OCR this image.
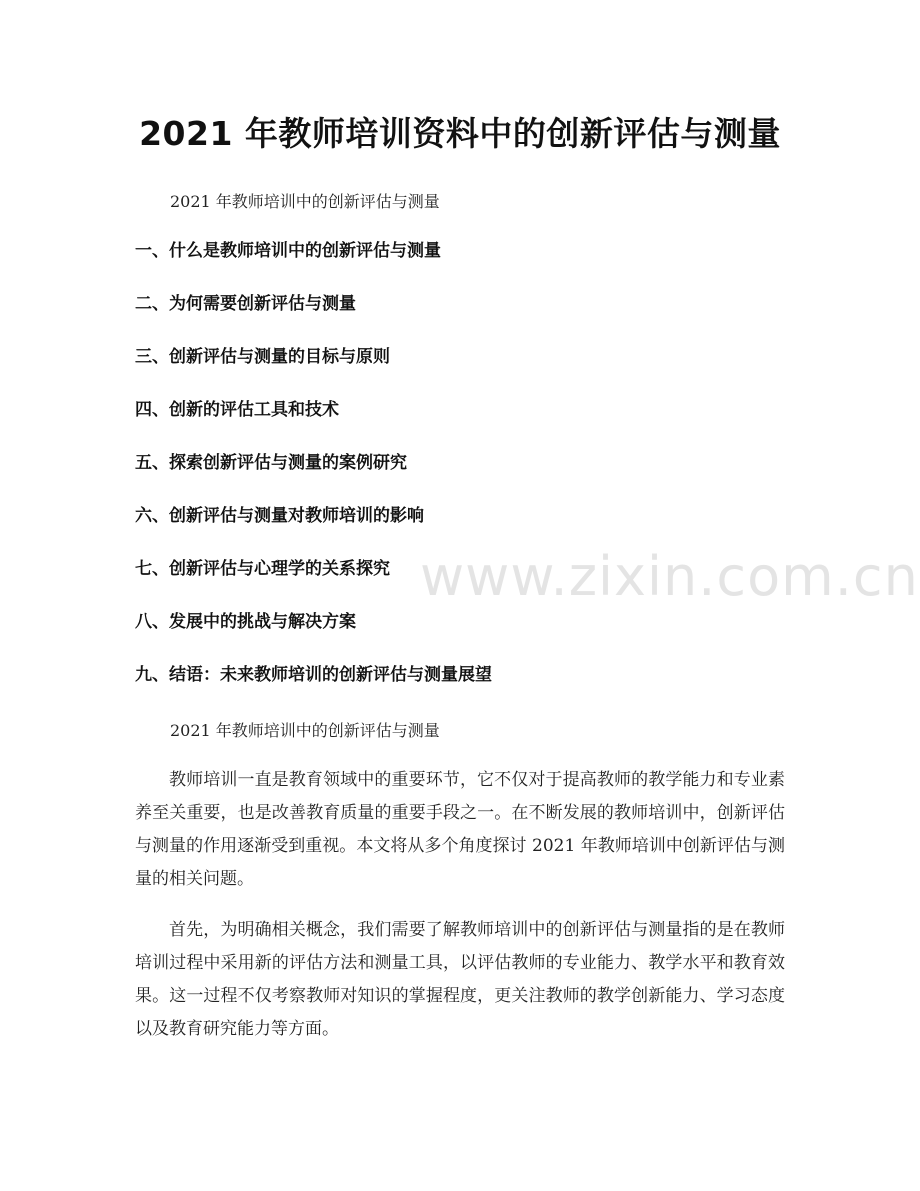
2021 年教师培训资料中的创新评估与测量

2021 年教师培训中的创新评估与测量

一、什么是教师培训中的创新评估与测量
二、为何需要创新评估与测量
三、创新评估与测量的目标与原则
四、创新的评估工具和技术
五、探索创新评估与测量的案例研究
六、创新评估与测量对教师培训的影响
七、创新评估与心理学的关系探究
八、发展中的挑战与解决方案
九、结语：未来教师培训的创新评估与测量展望

2021 年教师培训中的创新评估与测量

教师培训一直是教育领域中的重要环节，它不仅对于提高教师的教学能力和专业素养至关重要，也是改善教育质量的重要手段之一。在不断发展的教师培训中，创新评估与测量的作用逐渐受到重视。本文将从多个角度探讨 2021 年教师培训中创新评估与测量的相关问题。

首先，为明确相关概念，我们需要了解教师培训中的创新评估与测量指的是在教师培训过程中采用新的评估方法和测量工具，以评估教师的专业能力、教学水平和教育效果。这一过程不仅考察教师对知识的掌握程度，更关注教师的教学创新能力、学习态度以及教育研究能力等方面。

www.zixin.com.cn
